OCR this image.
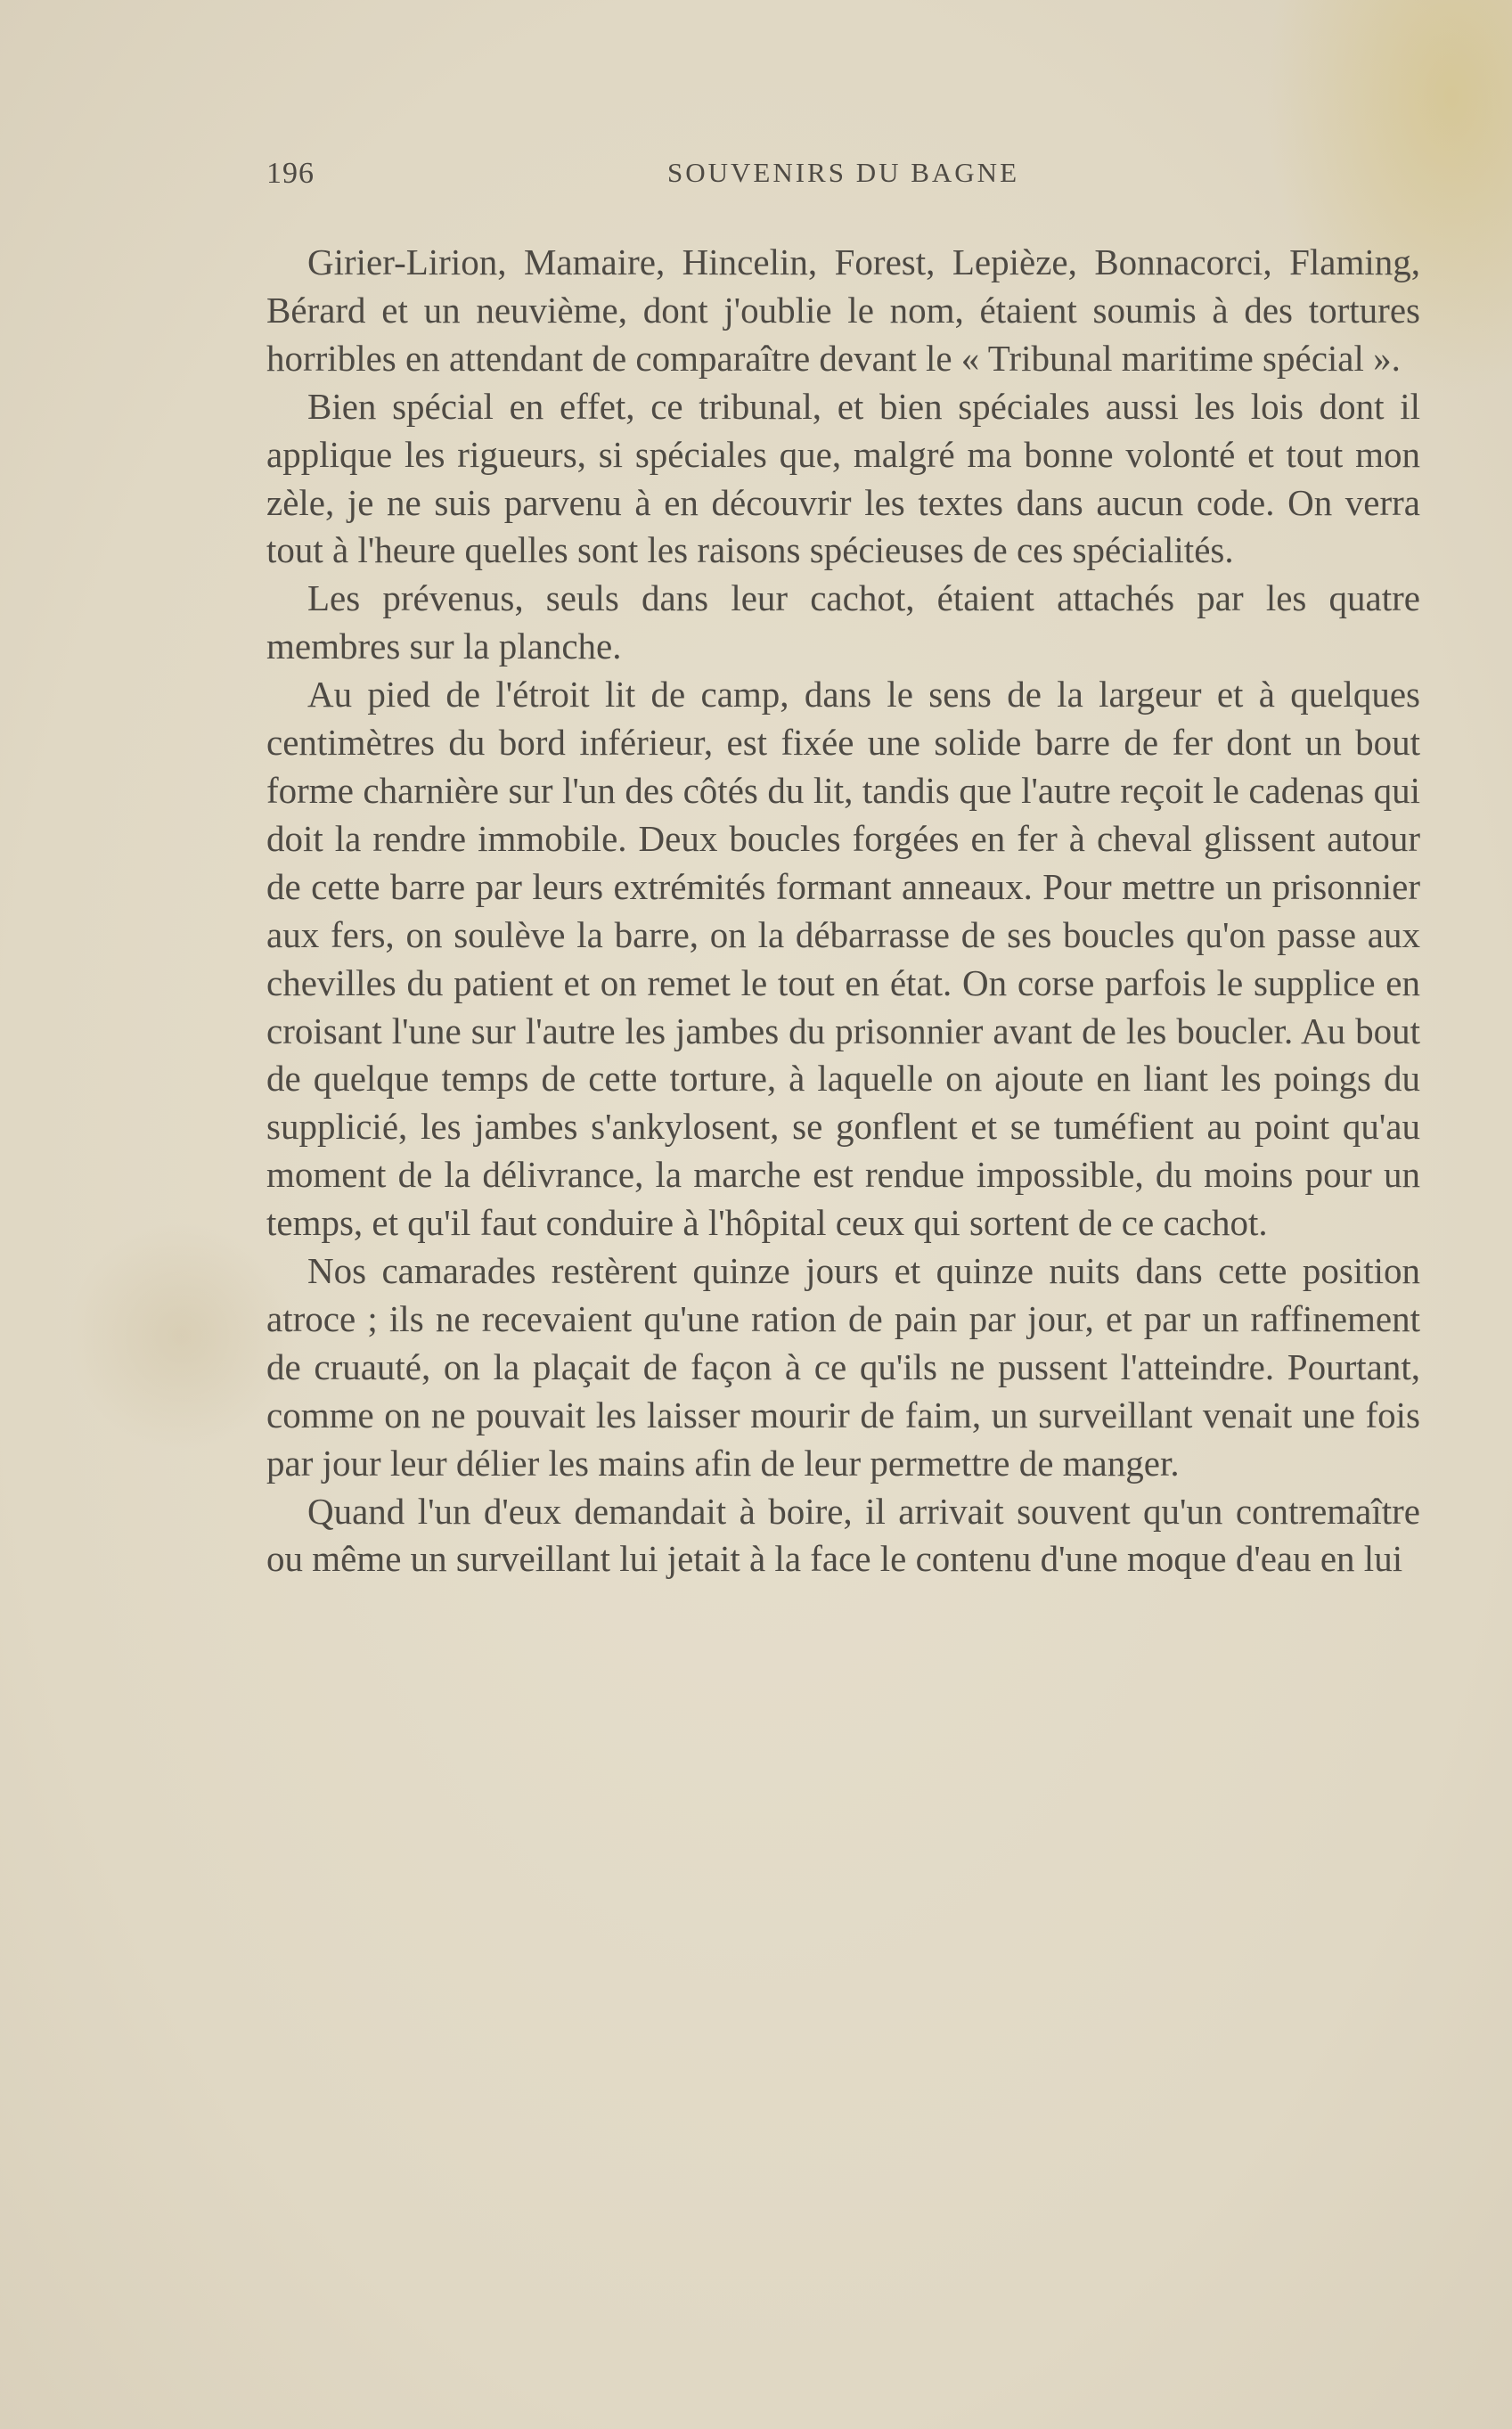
196	SOUVENIRS DU BAGNE

Girier-Lirion, Mamaire, Hincelin, Forest, Lepièze, Bonnacorci, Flaming, Bérard et un neuvième, dont j'oublie le nom, étaient soumis à des tortures horribles en attendant de comparaître devant le « Tribunal maritime spécial ».

Bien spécial en effet, ce tribunal, et bien spéciales aussi les lois dont il applique les rigueurs, si spéciales que, malgré ma bonne volonté et tout mon zèle, je ne suis parvenu à en découvrir les textes dans aucun code. On verra tout à l'heure quelles sont les raisons spécieuses de ces spécialités.

Les prévenus, seuls dans leur cachot, étaient attachés par les quatre membres sur la planche.

Au pied de l'étroit lit de camp, dans le sens de la largeur et à quelques centimètres du bord inférieur, est fixée une solide barre de fer dont un bout forme charnière sur l'un des côtés du lit, tandis que l'autre reçoit le cadenas qui doit la rendre immobile. Deux boucles forgées en fer à cheval glissent autour de cette barre par leurs extrémités formant anneaux. Pour mettre un prisonnier aux fers, on soulève la barre, on la débarrasse de ses boucles qu'on passe aux chevilles du patient et on remet le tout en état. On corse parfois le supplice en croisant l'une sur l'autre les jambes du prisonnier avant de les boucler. Au bout de quelque temps de cette torture, à laquelle on ajoute en liant les poings du supplicié, les jambes s'ankylosent, se gonflent et se tuméfient au point qu'au moment de la délivrance, la marche est rendue impossible, du moins pour un temps, et qu'il faut conduire à l'hôpital ceux qui sortent de ce cachot.

Nos camarades restèrent quinze jours et quinze nuits dans cette position atroce ; ils ne recevaient qu'une ration de pain par jour, et par un raffinement de cruauté, on la plaçait de façon à ce qu'ils ne pussent l'atteindre. Pourtant, comme on ne pouvait les laisser mourir de faim, un surveillant venait une fois par jour leur délier les mains afin de leur permettre de manger.

Quand l'un d'eux demandait à boire, il arrivait souvent qu'un contremaître ou même un surveillant lui jetait à la face le contenu d'une moque d'eau en lui
